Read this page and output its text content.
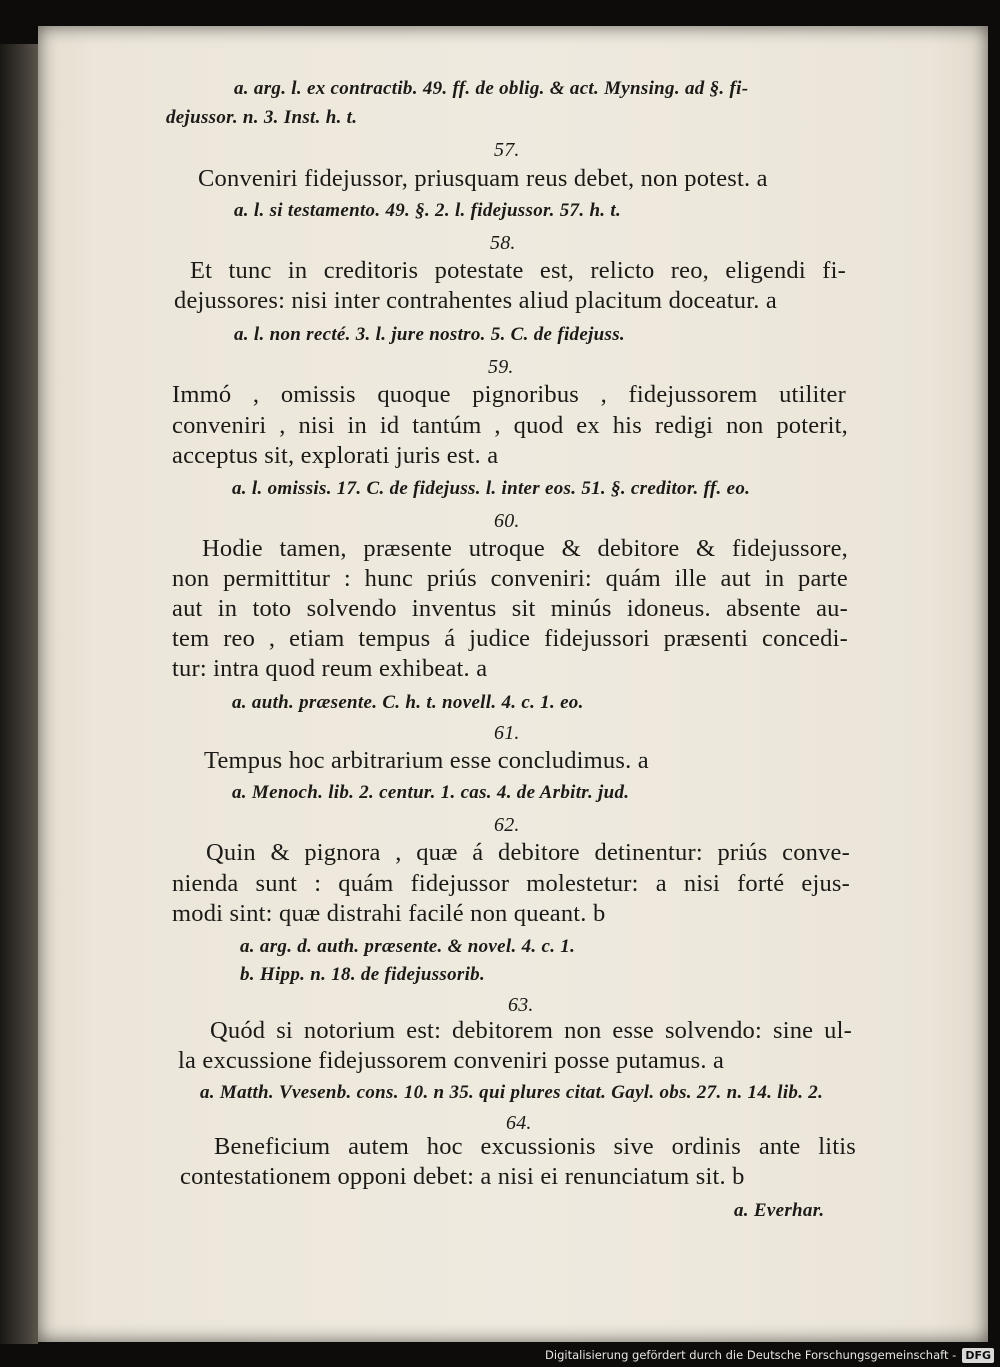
a. arg. l. ex contractib. 49. ff. de oblig. & act. Mynsing. ad §. fi-
dejussor. n. 3. Inst. h. t.
57.
Conveniri fidejussor, priusquam reus debet, non potest. a
a. l. si testamento. 49. §. 2. l. fidejussor. 57. h. t.
58.
Et tunc in creditoris potestate est, relicto reo, eligendi fi-
dejussores: nisi inter contrahentes aliud placitum doceatur. a
a. l. non recté. 3. l. jure nostro. 5. C. de fidejuss.
59.
Immó , omissis quoque pignoribus , fidejussorem utiliter
conveniri , nisi in id tantúm , quod ex his redigi non poterit,
acceptus sit, explorati juris est. a
a. l. omissis. 17. C. de fidejuss. l. inter eos. 51. §. creditor. ff. eo.
60.
Hodie tamen, præsente utroque & debitore & fidejussore,
non permittitur : hunc priús conveniri: quám ille aut in parte
aut in toto solvendo inventus sit minús idoneus. absente au-
tem reo , etiam tempus á judice fidejussori præsenti concedi-
tur: intra quod reum exhibeat. a
a. auth. præsente. C. h. t. novell. 4. c. 1. eo.
61.
Tempus hoc arbitrarium esse concludimus. a
a. Menoch. lib. 2. centur. 1. cas. 4. de Arbitr. jud.
62.
Quin & pignora , quæ á debitore detinentur: priús conve-
nienda sunt : quám fidejussor molestetur: a nisi forté ejus-
modi sint: quæ distrahi facilé non queant. b
a. arg. d. auth. præsente. & novel. 4. c. 1.
b. Hipp. n. 18. de fidejussorib.
63.
Quód si notorium est: debitorem non esse solvendo: sine ul-
la excussione fidejussorem conveniri posse putamus. a
a. Matth. Vvesenb. cons. 10. n 35. qui plures citat. Gayl. obs. 27. n. 14. lib. 2.
64.
Beneficium autem hoc excussionis sive ordinis ante litis
contestationem opponi debet: a nisi ei renunciatum sit. b
a. Everhar.
Digitalisierung gefördert durch die Deutsche Forschungsgemeinschaft - DFG
